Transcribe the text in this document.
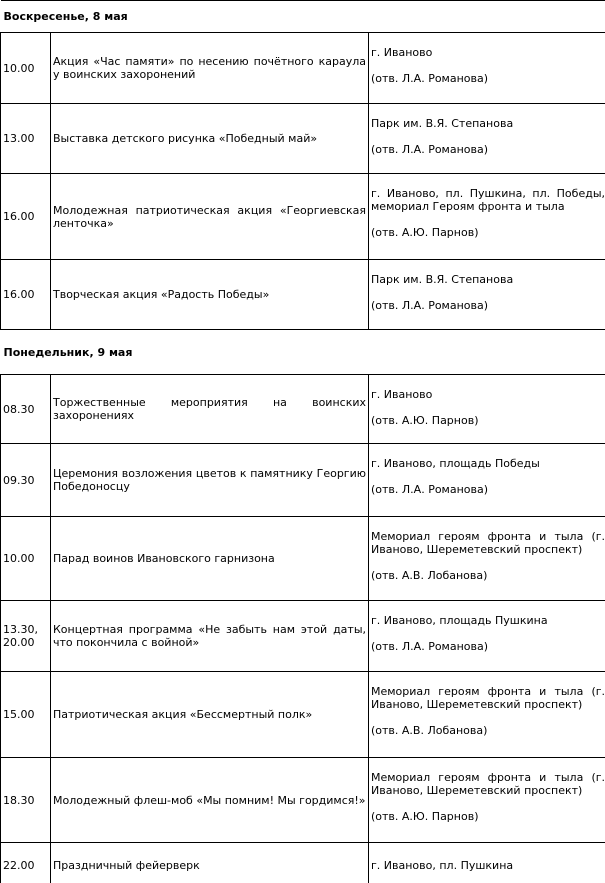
Воскресенье, 8 мая		
10.00	Акция «Час памяти» по несению почётного караула у воинских захоронений	г. Иваново
(отв. Л.А. Романова)

13.00	Выставка детского рисунка «Победный май»	Парк им. В.Я. Степанова
(отв. Л.А. Романова)

16.00	Молодежная патриотическая акция «Георгиевская ленточка»	г. Иваново, пл. Пушкина, пл. Победы, мемориал Героям фронта и тыла
(отв. А.Ю. Парнов)

16.00	Творческая акция «Радость Победы»	Парк им. В.Я. Степанова
(отв. Л.А. Романова)

Понедельник, 9 мая		
08.30	Торжественные мероприятия на воинских захоронениях	г. Иваново
(отв. А.Ю. Парнов)

09.30	Церемония возложения цветов к памятнику Георгию Победоносцу	г. Иваново, площадь Победы
(отв. Л.А. Романова)

10.00	Парад воинов Ивановского гарнизона	Мемориал героям фронта и тыла (г. Иваново, Шереметевский проспект)
(отв. А.В. Лобанова)

13.30, 20.00	Концертная программа «Не забыть нам этой даты, что покончила с войной»	г. Иваново, площадь Пушкина
(отв. Л.А. Романова)

15.00	Патриотическая акция «Бессмертный полк»	Мемориал героям фронта и тыла (г. Иваново, Шереметевский проспект)
(отв. А.В. Лобанова)

18.30	Молодежный флеш-моб «Мы помним! Мы гордимся!»	Мемориал героям фронта и тыла (г. Иваново, Шереметевский проспект)
(отв. А.Ю. Парнов)

22.00	Праздничный фейерверк	г. Иваново, пл. Пушкина
